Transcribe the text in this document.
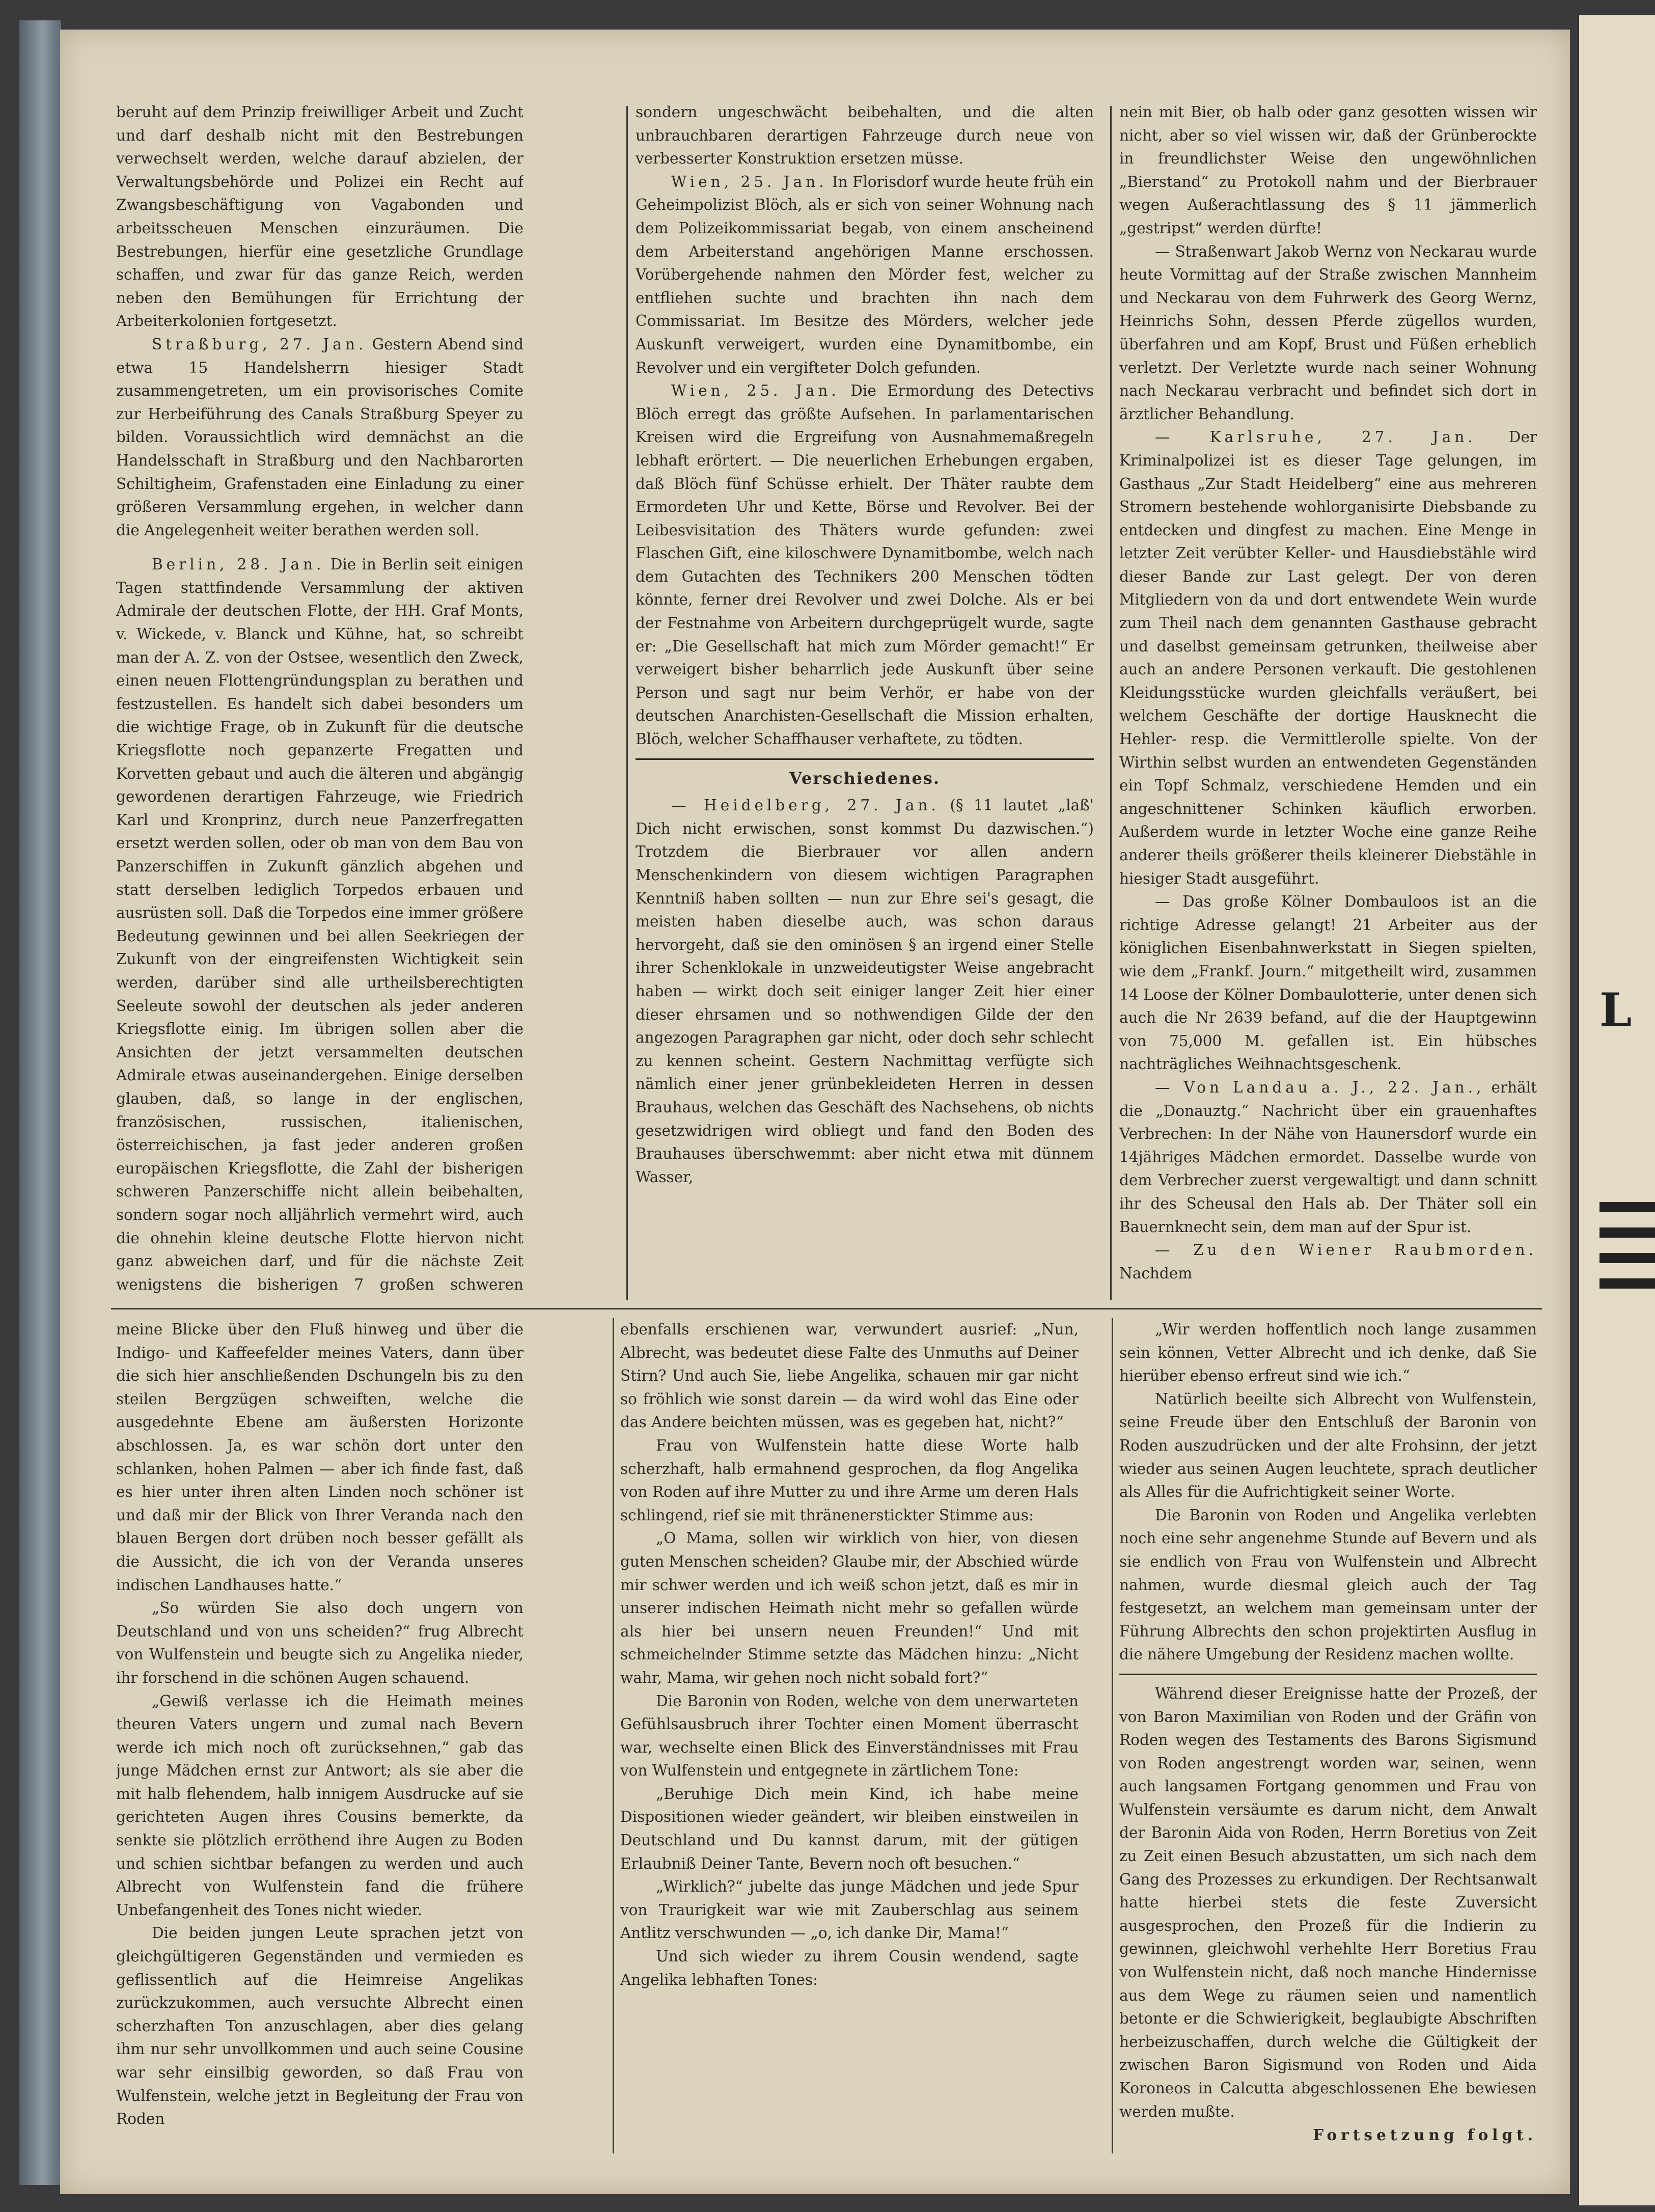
beruht auf dem Prinzip freiwilliger Arbeit und Zucht und darf deshalb nicht mit den Bestrebungen verwechselt werden, welche darauf abzielen, der Verwaltungsbehörde und Polizei ein Recht auf Zwangsbeschäftigung von Vagabonden und arbeitsscheuen Menschen einzuräumen. Die Bestrebungen, hierfür eine gesetzliche Grundlage schaffen, und zwar für das ganze Reich, werden neben den Bemühungen für Errichtung der Arbeiterkolonien fortgesetzt.

Straßburg, 27. Jan. Gestern Abend sind etwa 15 Handelsherrn hiesiger Stadt zusammengetreten, um ein provisorisches Comite zur Herbeiführung des Canals Straßburg Speyer zu bilden. Voraussichtlich wird demnächst an die Handelsschaft in Straßburg und den Nachbarorten Schiltigheim, Grafenstaden eine Einladung zu einer größeren Versammlung ergehen, in welcher dann die Angelegenheit weiter berathen werden soll.

Berlin, 28. Jan. Die in Berlin seit einigen Tagen stattfindende Versammlung der aktiven Admirale der deutschen Flotte, der HH. Graf Monts, v. Wickede, v. Blanck und Kühne, hat, so schreibt man der A. Z. von der Ostsee, wesentlich den Zweck, einen neuen Flottengründungsplan zu berathen und festzustellen. Es handelt sich dabei besonders um die wichtige Frage, ob in Zukunft für die deutsche Kriegsflotte noch gepanzerte Fregatten und Korvetten gebaut und auch die älteren und abgängig gewordenen derartigen Fahrzeuge, wie Friedrich Karl und Kronprinz, durch neue Panzerfregatten ersetzt werden sollen, oder ob man von dem Bau von Panzerschiffen in Zukunft gänzlich abgehen und statt derselben lediglich Torpedos erbauen und ausrüsten soll. Daß die Torpedos eine immer größere Bedeutung gewinnen und bei allen Seekriegen der Zukunft von der eingreifensten Wichtigkeit sein werden, darüber sind alle urtheilsberechtigten Seeleute sowohl der deutschen als jeder anderen Kriegsflotte einig. Im übrigen sollen aber die Ansichten der jetzt versammelten deutschen Admirale etwas auseinandergehen. Einige derselben glauben, daß, so lange in der englischen, französischen, russischen, italienischen, österreichischen, ja fast jeder anderen großen europäischen Kriegsflotte, die Zahl der bisherigen schweren Panzerschiffe nicht allein beibehalten, sondern sogar noch alljährlich vermehrt wird, auch die ohnehin kleine deutsche Flotte hiervon nicht ganz abweichen darf, und für die nächste Zeit wenigstens die bisherigen 7 großen schweren

sondern ungeschwächt beibehalten, und die alten unbrauchbaren derartigen Fahrzeuge durch neue von verbesserter Konstruktion ersetzen müsse.

Wien, 25. Jan. In Florisdorf wurde heute früh ein Geheimpolizist Blöch, als er sich von seiner Wohnung nach dem Polizeikommissariat begab, von einem anscheinend dem Arbeiterstand angehörigen Manne erschossen. Vorübergehende nahmen den Mörder fest, welcher zu entfliehen suchte und brachten ihn nach dem Commissariat. Im Besitze des Mörders, welcher jede Auskunft verweigert, wurden eine Dynamitbombe, ein Revolver und ein vergifteter Dolch gefunden.

Wien, 25. Jan. Die Ermordung des Detectivs Blöch erregt das größte Aufsehen. In parlamentarischen Kreisen wird die Ergreifung von Ausnahmemaßregeln lebhaft erörtert. — Die neuerlichen Erhebungen ergaben, daß Blöch fünf Schüsse erhielt. Der Thäter raubte dem Ermordeten Uhr und Kette, Börse und Revolver. Bei der Leibesvisitation des Thäters wurde gefunden: zwei Flaschen Gift, eine kiloschwere Dynamitbombe, welch nach dem Gutachten des Technikers 200 Menschen tödten könnte, ferner drei Revolver und zwei Dolche. Als er bei der Festnahme von Arbeitern durchgeprügelt wurde, sagte er: „Die Gesellschaft hat mich zum Mörder gemacht!“ Er verweigert bisher beharrlich jede Auskunft über seine Person und sagt nur beim Verhör, er habe von der deutschen Anarchisten-Gesellschaft die Mission erhalten, Blöch, welcher Schaffhauser verhaftete, zu tödten.

Verschiedenes.

— Heidelberg, 27. Jan. (§ 11 lautet „laß' Dich nicht erwischen, sonst kommst Du dazwischen.“) Trotzdem die Bierbrauer vor allen andern Menschenkindern von diesem wichtigen Paragraphen Kenntniß haben sollten — nun zur Ehre sei's gesagt, die meisten haben dieselbe auch, was schon daraus hervorgeht, daß sie den ominösen § an irgend einer Stelle ihrer Schenklokale in unzweideutigster Weise angebracht haben — wirkt doch seit einiger langer Zeit hier einer dieser ehrsamen und so nothwendigen Gilde der den angezogen Paragraphen gar nicht, oder doch sehr schlecht zu kennen scheint. Gestern Nachmittag verfügte sich nämlich einer jener grünbekleideten Herren in dessen Brauhaus, welchen das Geschäft des Nachsehens, ob nichts gesetzwidrigen wird obliegt und fand den Boden des Brauhauses überschwemmt: aber nicht etwa mit dünnem Wasser,

nein mit Bier, ob halb oder ganz gesotten wissen wir nicht, aber so viel wissen wir, daß der Grünberockte in freundlichster Weise den ungewöhnlichen „Bierstand“ zu Protokoll nahm und der Bierbrauer wegen Außerachtlassung des § 11 jämmerlich „gestripst“ werden dürfte!

— Straßenwart Jakob Wernz von Neckarau wurde heute Vormittag auf der Straße zwischen Mannheim und Neckarau von dem Fuhrwerk des Georg Wernz, Heinrichs Sohn, dessen Pferde zügellos wurden, überfahren und am Kopf, Brust und Füßen erheblich verletzt. Der Verletzte wurde nach seiner Wohnung nach Neckarau verbracht und befindet sich dort in ärztlicher Behandlung.

— Karlsruhe, 27. Jan. Der Kriminalpolizei ist es dieser Tage gelungen, im Gasthaus „Zur Stadt Heidelberg“ eine aus mehreren Stromern bestehende wohlorganisirte Diebsbande zu entdecken und dingfest zu machen. Eine Menge in letzter Zeit verübter Keller- und Hausdiebstähle wird dieser Bande zur Last gelegt. Der von deren Mitgliedern von da und dort entwendete Wein wurde zum Theil nach dem genannten Gasthause gebracht und daselbst gemeinsam getrunken, theilweise aber auch an andere Personen verkauft. Die gestohlenen Kleidungsstücke wurden gleichfalls veräußert, bei welchem Geschäfte der dortige Hausknecht die Hehler- resp. die Vermittlerolle spielte. Von der Wirthin selbst wurden an entwendeten Gegenständen ein Topf Schmalz, verschiedene Hemden und ein angeschnittener Schinken käuflich erworben. Außerdem wurde in letzter Woche eine ganze Reihe anderer theils größerer theils kleinerer Diebstähle in hiesiger Stadt ausgeführt.

— Das große Kölner Dombauloos ist an die richtige Adresse gelangt! 21 Arbeiter aus der königlichen Eisenbahnwerkstatt in Siegen spielten, wie dem „Frankf. Journ.“ mitgetheilt wird, zusammen 14 Loose der Kölner Dombaulotterie, unter denen sich auch die Nr 2639 befand, auf die der Hauptgewinn von 75,000 M. gefallen ist. Ein hübsches nachträgliches Weihnachtsgeschenk.

— Von Landau a. J., 22. Jan., erhält die „Donauztg.“ Nachricht über ein grauenhaftes Verbrechen: In der Nähe von Haunersdorf wurde ein 14jähriges Mädchen ermordet. Dasselbe wurde von dem Verbrecher zuerst vergewaltigt und dann schnitt ihr des Scheusal den Hals ab. Der Thäter soll ein Bauernknecht sein, dem man auf der Spur ist.

— Zu den Wiener Raubmorden. Nachdem

meine Blicke über den Fluß hinweg und über die Indigo- und Kaffeefelder meines Vaters, dann über die sich hier anschließenden Dschungeln bis zu den steilen Bergzügen schweiften, welche die ausgedehnte Ebene am äußersten Horizonte abschlossen. Ja, es war schön dort unter den schlanken, hohen Palmen — aber ich finde fast, daß es hier unter ihren alten Linden noch schöner ist und daß mir der Blick von Ihrer Veranda nach den blauen Bergen dort drüben noch besser gefällt als die Aussicht, die ich von der Veranda unseres indischen Landhauses hatte.“

„So würden Sie also doch ungern von Deutschland und von uns scheiden?“ frug Albrecht von Wulfenstein und beugte sich zu Angelika nieder, ihr forschend in die schönen Augen schauend.

„Gewiß verlasse ich die Heimath meines theuren Vaters ungern und zumal nach Bevern werde ich mich noch oft zurücksehnen,“ gab das junge Mädchen ernst zur Antwort; als sie aber die mit halb flehendem, halb innigem Ausdrucke auf sie gerichteten Augen ihres Cousins bemerkte, da senkte sie plötzlich erröthend ihre Augen zu Boden und schien sichtbar befangen zu werden und auch Albrecht von Wulfenstein fand die frühere Unbefangenheit des Tones nicht wieder.

Die beiden jungen Leute sprachen jetzt von gleichgültigeren Gegenständen und vermieden es geflissentlich auf die Heimreise Angelikas zurückzukommen, auch versuchte Albrecht einen scherzhaften Ton anzuschlagen, aber dies gelang ihm nur sehr unvollkommen und auch seine Cousine war sehr einsilbig geworden, so daß Frau von Wulfenstein, welche jetzt in Begleitung der Frau von Roden

ebenfalls erschienen war, verwundert ausrief: „Nun, Albrecht, was bedeutet diese Falte des Unmuths auf Deiner Stirn? Und auch Sie, liebe Angelika, schauen mir gar nicht so fröhlich wie sonst darein — da wird wohl das Eine oder das Andere beichten müssen, was es gegeben hat, nicht?“

Frau von Wulfenstein hatte diese Worte halb scherzhaft, halb ermahnend gesprochen, da flog Angelika von Roden auf ihre Mutter zu und ihre Arme um deren Hals schlingend, rief sie mit thränenerstickter Stimme aus:

„O Mama, sollen wir wirklich von hier, von diesen guten Menschen scheiden? Glaube mir, der Abschied würde mir schwer werden und ich weiß schon jetzt, daß es mir in unserer indischen Heimath nicht mehr so gefallen würde als hier bei unsern neuen Freunden!“ Und mit schmeichelnder Stimme setzte das Mädchen hinzu: „Nicht wahr, Mama, wir gehen noch nicht sobald fort?“

Die Baronin von Roden, welche von dem unerwarteten Gefühlsausbruch ihrer Tochter einen Moment überrascht war, wechselte einen Blick des Einverständnisses mit Frau von Wulfenstein und entgegnete in zärtlichem Tone:

„Beruhige Dich mein Kind, ich habe meine Dispositionen wieder geändert, wir bleiben einstweilen in Deutschland und Du kannst darum, mit der gütigen Erlaubniß Deiner Tante, Bevern noch oft besuchen.“

„Wirklich?“ jubelte das junge Mädchen und jede Spur von Traurigkeit war wie mit Zauberschlag aus seinem Antlitz verschwunden — „o, ich danke Dir, Mama!“

Und sich wieder zu ihrem Cousin wendend, sagte Angelika lebhaften Tones:

„Wir werden hoffentlich noch lange zusammen sein können, Vetter Albrecht und ich denke, daß Sie hierüber ebenso erfreut sind wie ich.“

Natürlich beeilte sich Albrecht von Wulfenstein, seine Freude über den Entschluß der Baronin von Roden auszudrücken und der alte Frohsinn, der jetzt wieder aus seinen Augen leuchtete, sprach deutlicher als Alles für die Aufrichtigkeit seiner Worte.

Die Baronin von Roden und Angelika verlebten noch eine sehr angenehme Stunde auf Bevern und als sie endlich von Frau von Wulfenstein und Albrecht nahmen, wurde diesmal gleich auch der Tag festgesetzt, an welchem man gemeinsam unter der Führung Albrechts den schon projektirten Ausflug in die nähere Umgebung der Residenz machen wollte.

Während dieser Ereignisse hatte der Prozeß, der von Baron Maximilian von Roden und der Gräfin von Roden wegen des Testaments des Barons Sigismund von Roden angestrengt worden war, seinen, wenn auch langsamen Fortgang genommen und Frau von Wulfenstein versäumte es darum nicht, dem Anwalt der Baronin Aida von Roden, Herrn Boretius von Zeit zu Zeit einen Besuch abzustatten, um sich nach dem Gang des Prozesses zu erkundigen. Der Rechtsanwalt hatte hierbei stets die feste Zuversicht ausgesprochen, den Prozeß für die Indierin zu gewinnen, gleichwohl verhehlte Herr Boretius Frau von Wulfenstein nicht, daß noch manche Hindernisse aus dem Wege zu räumen seien und namentlich betonte er die Schwierigkeit, beglaubigte Abschriften herbeizuschaffen, durch welche die Gültigkeit der zwischen Baron Sigismund von Roden und Aida Koroneos in Calcutta abgeschlossenen Ehe bewiesen werden mußte.

Fortsetzung folgt.

L
